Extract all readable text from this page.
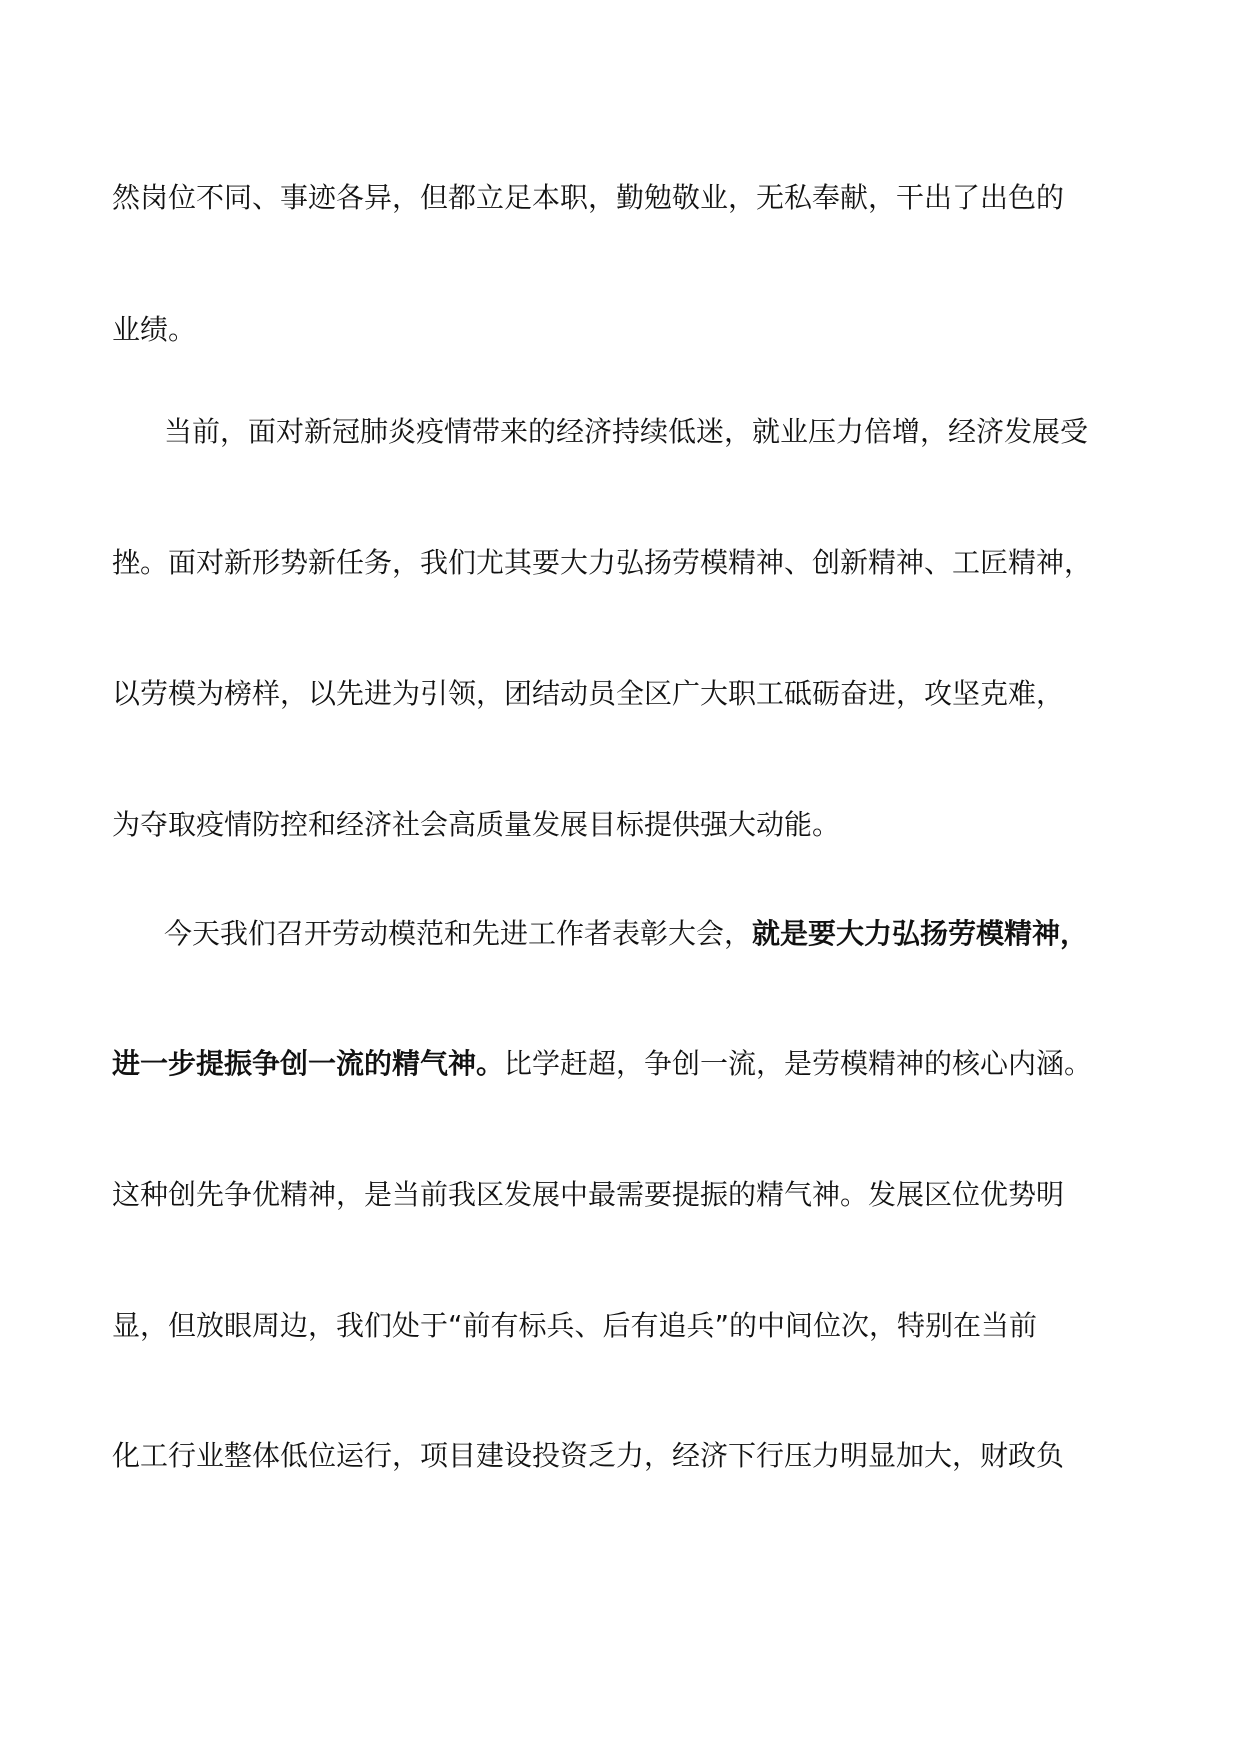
然岗位不同、事迹各异，但都立足本职，勤勉敬业，无私奉献，干出了出色的
业绩。
当前，面对新冠肺炎疫情带来的经济持续低迷，就业压力倍增，经济发展受
挫。面对新形势新任务，我们尤其要大力弘扬劳模精神、创新精神、工匠精神，
以劳模为榜样，以先进为引领，团结动员全区广大职工砥砺奋进，攻坚克难，
为夺取疫情防控和经济社会高质量发展目标提供强大动能。
今天我们召开劳动模范和先进工作者表彰大会，就是要大力弘扬劳模精神，
进一步提振争创一流的精气神。比学赶超，争创一流，是劳模精神的核心内涵。
这种创先争优精神，是当前我区发展中最需要提振的精气神。发展区位优势明
显，但放眼周边，我们处于“前有标兵、后有追兵”的中间位次，特别在当前
化工行业整体低位运行，项目建设投资乏力，经济下行压力明显加大，财政负
